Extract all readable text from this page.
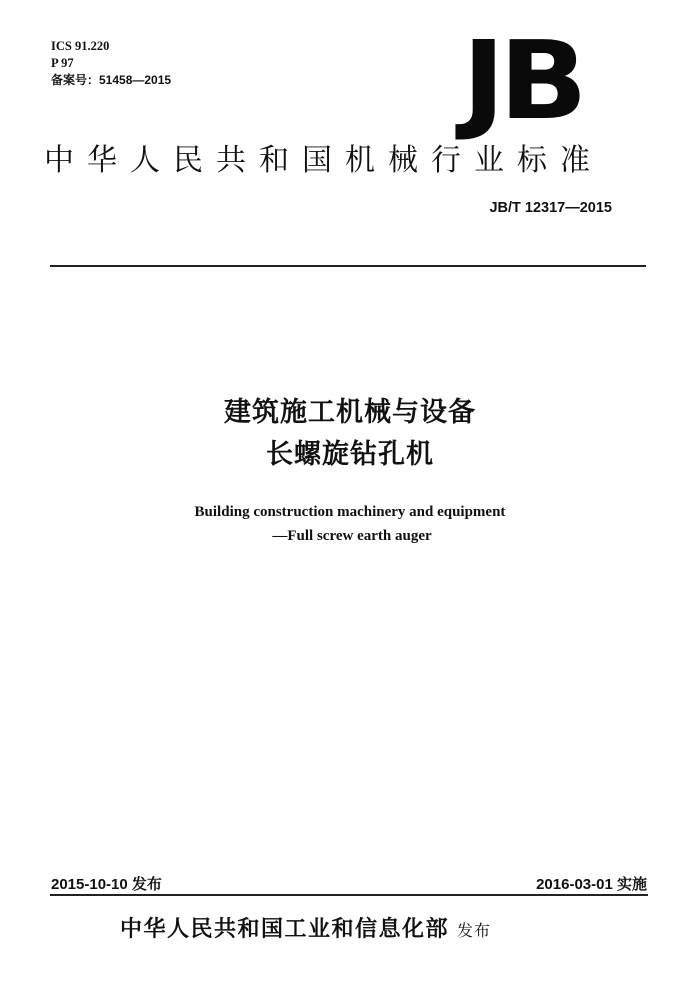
ICS 91.220
P 97
备案号：51458—2015	JB
中华人民共和国机械行业标准
JB/T 12317—2015
建筑施工机械与设备
长螺旋钻孔机
Building construction machinery and equipment
—Full screw earth auger
2015-10-10 发布	2016-03-01 实施
中华人民共和国工业和信息化部 发布
